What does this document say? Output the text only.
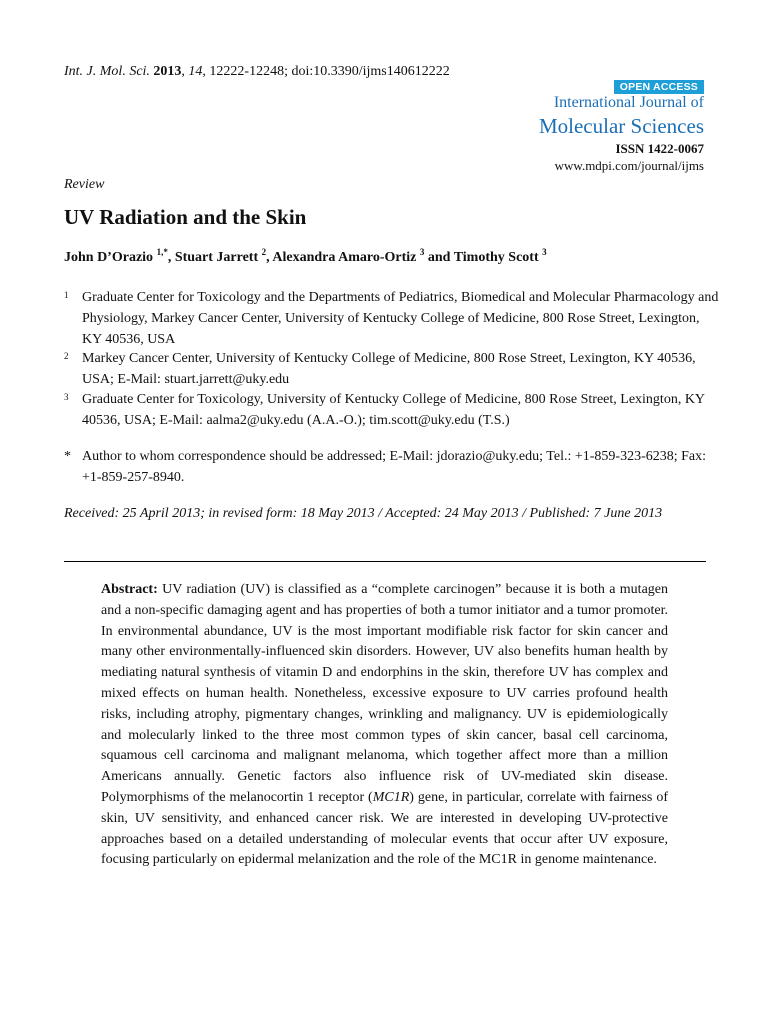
Int. J. Mol. Sci. 2013, 14, 12222-12248; doi:10.3390/ijms140612222
OPEN ACCESS
International Journal of
Molecular Sciences
ISSN 1422-0067
www.mdpi.com/journal/ijms
Review
UV Radiation and the Skin
John D’Orazio $^{1,*}$, Stuart Jarrett $^2$, Alexandra Amaro-Ortiz $^3$ and Timothy Scott $^3$
1 Graduate Center for Toxicology and the Departments of Pediatrics, Biomedical and Molecular Pharmacology and Physiology, Markey Cancer Center, University of Kentucky College of Medicine, 800 Rose Street, Lexington, KY 40536, USA
2 Markey Cancer Center, University of Kentucky College of Medicine, 800 Rose Street, Lexington, KY 40536, USA; E-Mail: stuart.jarrett@uky.edu
3 Graduate Center for Toxicology, University of Kentucky College of Medicine, 800 Rose Street, Lexington, KY 40536, USA; E-Mail: aalma2@uky.edu (A.A.-O.); tim.scott@uky.edu (T.S.)
* Author to whom correspondence should be addressed; E-Mail: jdorazio@uky.edu; Tel.: +1-859-323-6238; Fax: +1-859-257-8940.
Received: 25 April 2013; in revised form: 18 May 2013 / Accepted: 24 May 2013 / Published: 7 June 2013
Abstract: UV radiation (UV) is classified as a “complete carcinogen” because it is both a mutagen and a non-specific damaging agent and has properties of both a tumor initiator and a tumor promoter. In environmental abundance, UV is the most important modifiable risk factor for skin cancer and many other environmentally-influenced skin disorders. However, UV also benefits human health by mediating natural synthesis of vitamin D and endorphins in the skin, therefore UV has complex and mixed effects on human health. Nonetheless, excessive exposure to UV carries profound health risks, including atrophy, pigmentary changes, wrinkling and malignancy. UV is epidemiologically and molecularly linked to the three most common types of skin cancer, basal cell carcinoma, squamous cell carcinoma and malignant melanoma, which together affect more than a million Americans annually. Genetic factors also influence risk of UV-mediated skin disease. Polymorphisms of the melanocortin 1 receptor (MC1R) gene, in particular, correlate with fairness of skin, UV sensitivity, and enhanced cancer risk. We are interested in developing UV-protective approaches based on a detailed understanding of molecular events that occur after UV exposure, focusing particularly on epidermal melanization and the role of the MC1R in genome maintenance.
